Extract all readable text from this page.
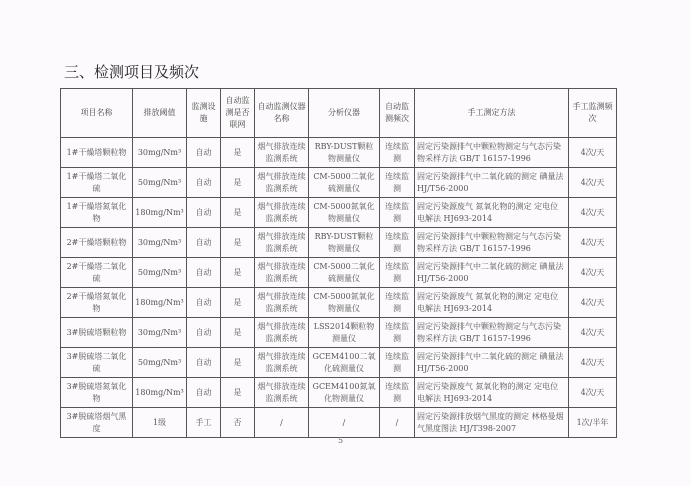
三、检测项目及频次
项目名称	排放阈值	监测设施	自动监测是否联网	自动监测仪器名称	分析仪器	自动监测频次	手工测定方法	手工监测频次
1#干燥塔颗粒物	30mg/Nm³	自动	是	烟气排放连续监测系统	RBY-DUST颗粒物测量仪	连续监测	固定污染源排气中颗粒物测定与气态污染物采样方法 GB/T 16157-1996	4次/天
1#干燥塔二氧化硫	50mg/Nm³	自动	是	烟气排放连续监测系统	CM-5000二氧化硫测量仪	连续监测	固定污染源排气中二氧化硫的测定 碘量法 HJ/T56-2000	4次/天
1#干燥塔氮氧化物	180mg/Nm³	自动	是	烟气排放连续监测系统	CM-5000氮氧化物测量仪	连续监测	固定污染源废气 氮氧化物的测定 定电位电解法 HJ693-2014	4次/天
2#干燥塔颗粒物	30mg/Nm³	自动	是	烟气排放连续监测系统	RBY-DUST颗粒物测量仪	连续监测	固定污染源排气中颗粒物测定与气态污染物采样方法 GB/T 16157-1996	4次/天
2#干燥塔二氧化硫	50mg/Nm³	自动	是	烟气排放连续监测系统	CM-5000二氧化硫测量仪	连续监测	固定污染源排气中二氧化硫的测定 碘量法 HJ/T56-2000	4次/天
2#干燥塔氮氧化物	180mg/Nm³	自动	是	烟气排放连续监测系统	CM-5000氮氧化物测量仪	连续监测	固定污染源废气 氮氧化物的测定 定电位电解法 HJ693-2014	4次/天
3#脱硫塔颗粒物	30mg/Nm³	自动	是	烟气排放连续监测系统	LSS2014颗粒物测量仪	连续监测	固定污染源排气中颗粒物测定与气态污染物采样方法 GB/T 16157-1996	4次/天
3#脱硫塔二氧化硫	50mg/Nm³	自动	是	烟气排放连续监测系统	GCEM4100二氧化硫测量仪	连续监测	固定污染源排气中二氧化硫的测定 碘量法 HJ/T56-2000	4次/天
3#脱硫塔氮氧化物	180mg/Nm³	自动	是	烟气排放连续监测系统	GCEM4100氮氧化物测量仪	连续监测	固定污染源废气 氮氧化物的测定 定电位电解法 HJ693-2014	4次/天
3#脱硫塔烟气黑度	1级	手工	否	/	/	/	固定污染源排放烟气黑度的测定 林格曼烟气黑度图法 HJ/T398-2007	1次/半年
5
